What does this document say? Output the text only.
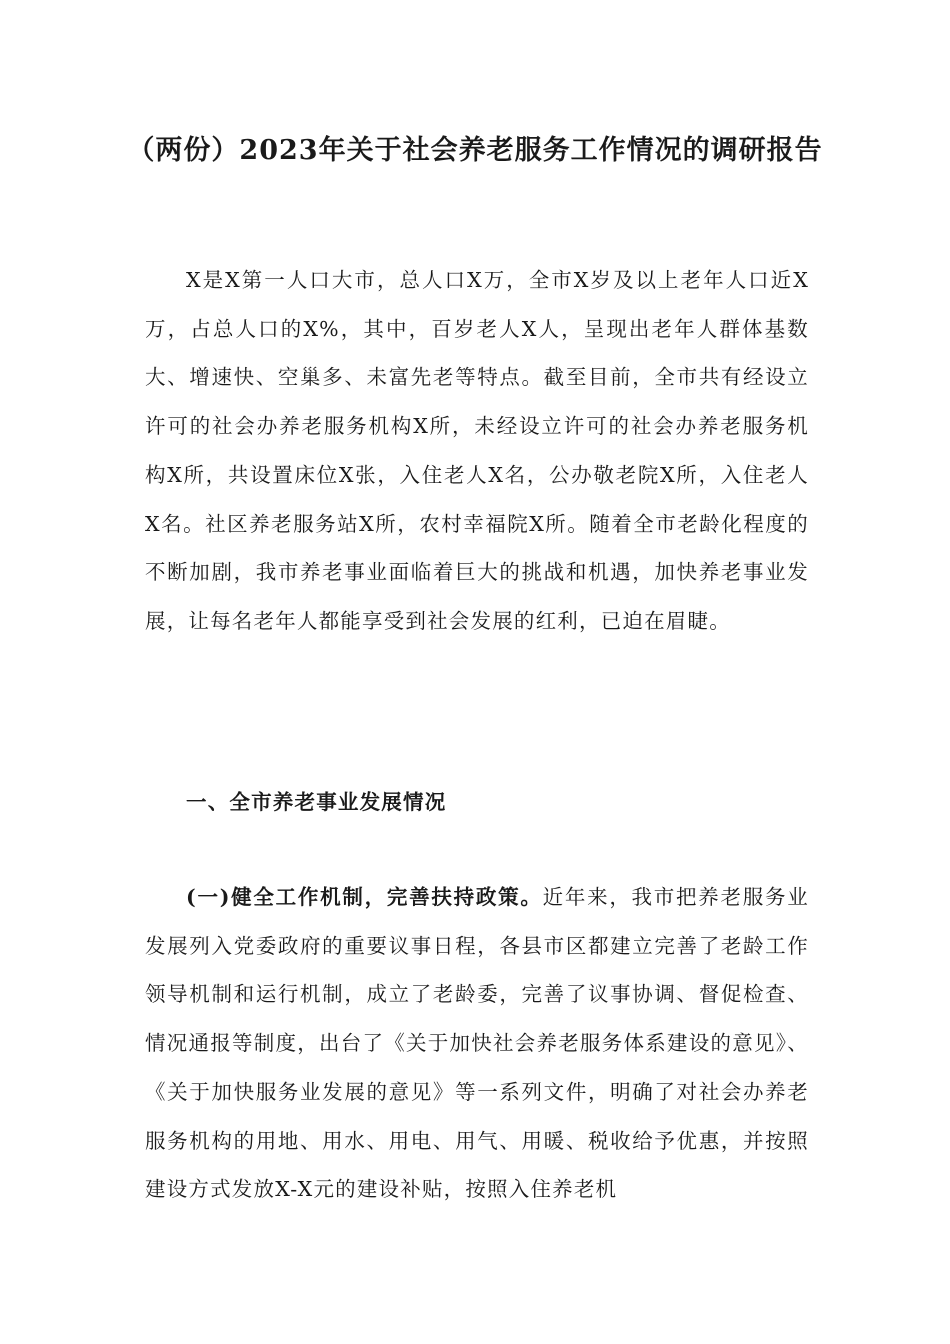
（两份）2023年关于社会养老服务工作情况的调研报告
X是X第一人口大市，总人口X万，全市X岁及以上老年人口近X万，占总人口的X%，其中，百岁老人X人，呈现出老年人群体基数大、增速快、空巢多、未富先老等特点。截至目前，全市共有经设立许可的社会办养老服务机构X所，未经设立许可的社会办养老服务机构X所，共设置床位X张，入住老人X名，公办敬老院X所，入住老人X名。社区养老服务站X所，农村幸福院X所。随着全市老龄化程度的不断加剧，我市养老事业面临着巨大的挑战和机遇，加快养老事业发展，让每名老年人都能享受到社会发展的红利，已迫在眉睫。
一、全市养老事业发展情况
(一)健全工作机制，完善扶持政策。近年来，我市把养老服务业发展列入党委政府的重要议事日程，各县市区都建立完善了老龄工作领导机制和运行机制，成立了老龄委，完善了议事协调、督促检查、情况通报等制度，出台了《关于加快社会养老服务体系建设的意见》、《关于加快服务业发展的意见》等一系列文件，明确了对社会办养老服务机构的用地、用水、用电、用气、用暖、税收给予优惠，并按照建设方式发放X-X元的建设补贴，按照入住养老机
